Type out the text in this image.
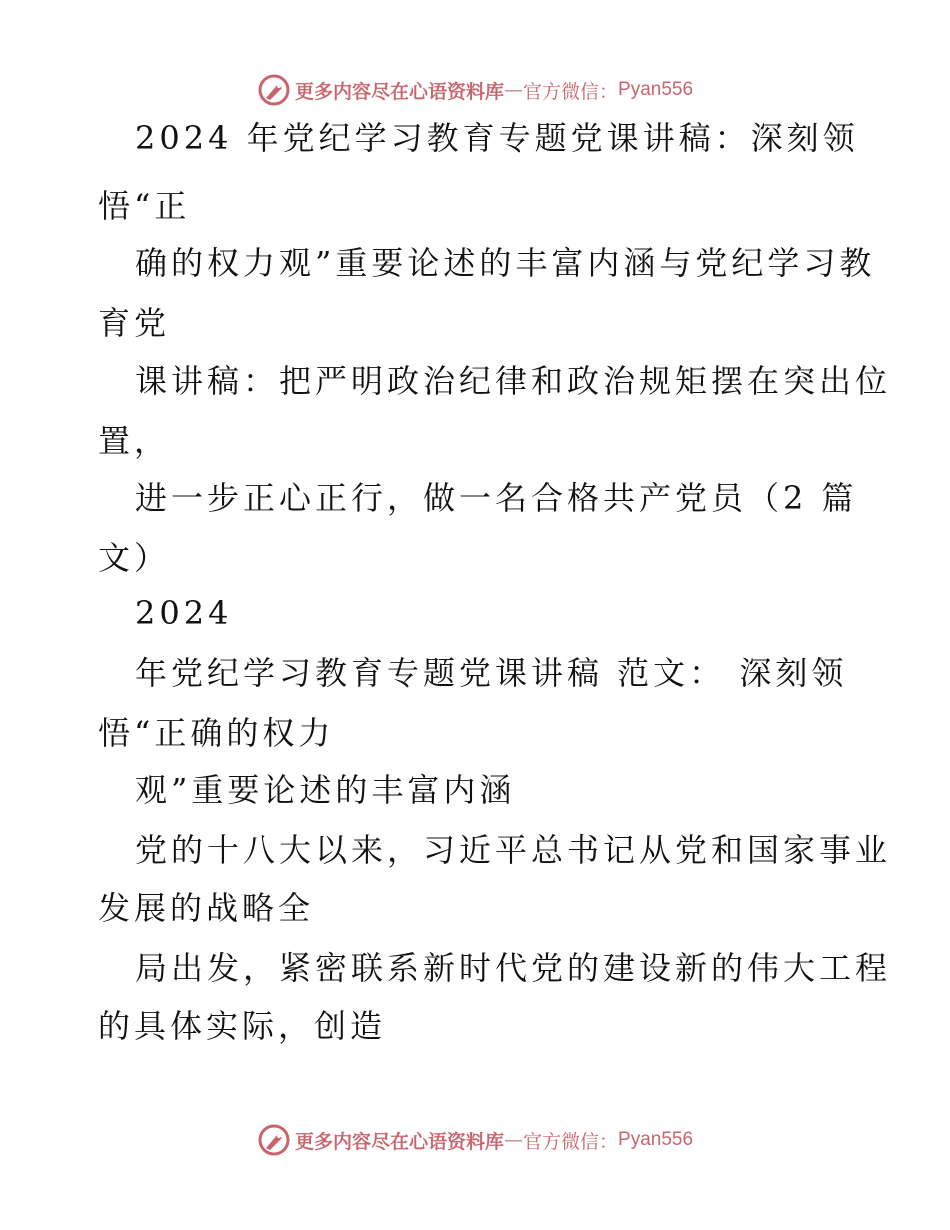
更多内容尽在心语资料库 — 官方微信 ： Pyan556
2024 年党纪学习教育专题党课讲稿：深刻领
悟“正
确的权力观”重要论述的丰富内涵与党纪学习教
育党
课讲稿：把严明政治纪律和政治规矩摆在突出位
置，
进一步正心正行，做一名合格共产党员（2 篇
文）
2024
年党纪学习教育专题党课讲稿 范文： 深刻领
悟“正确的权力
观”重要论述的丰富内涵
党的十八大以来，习近平总书记从党和国家事业
发展的战略全
局出发，紧密联系新时代党的建设新的伟大工程
的具体实际，创造
更多内容尽在心语资料库 — 官方微信 ： Pyan556
